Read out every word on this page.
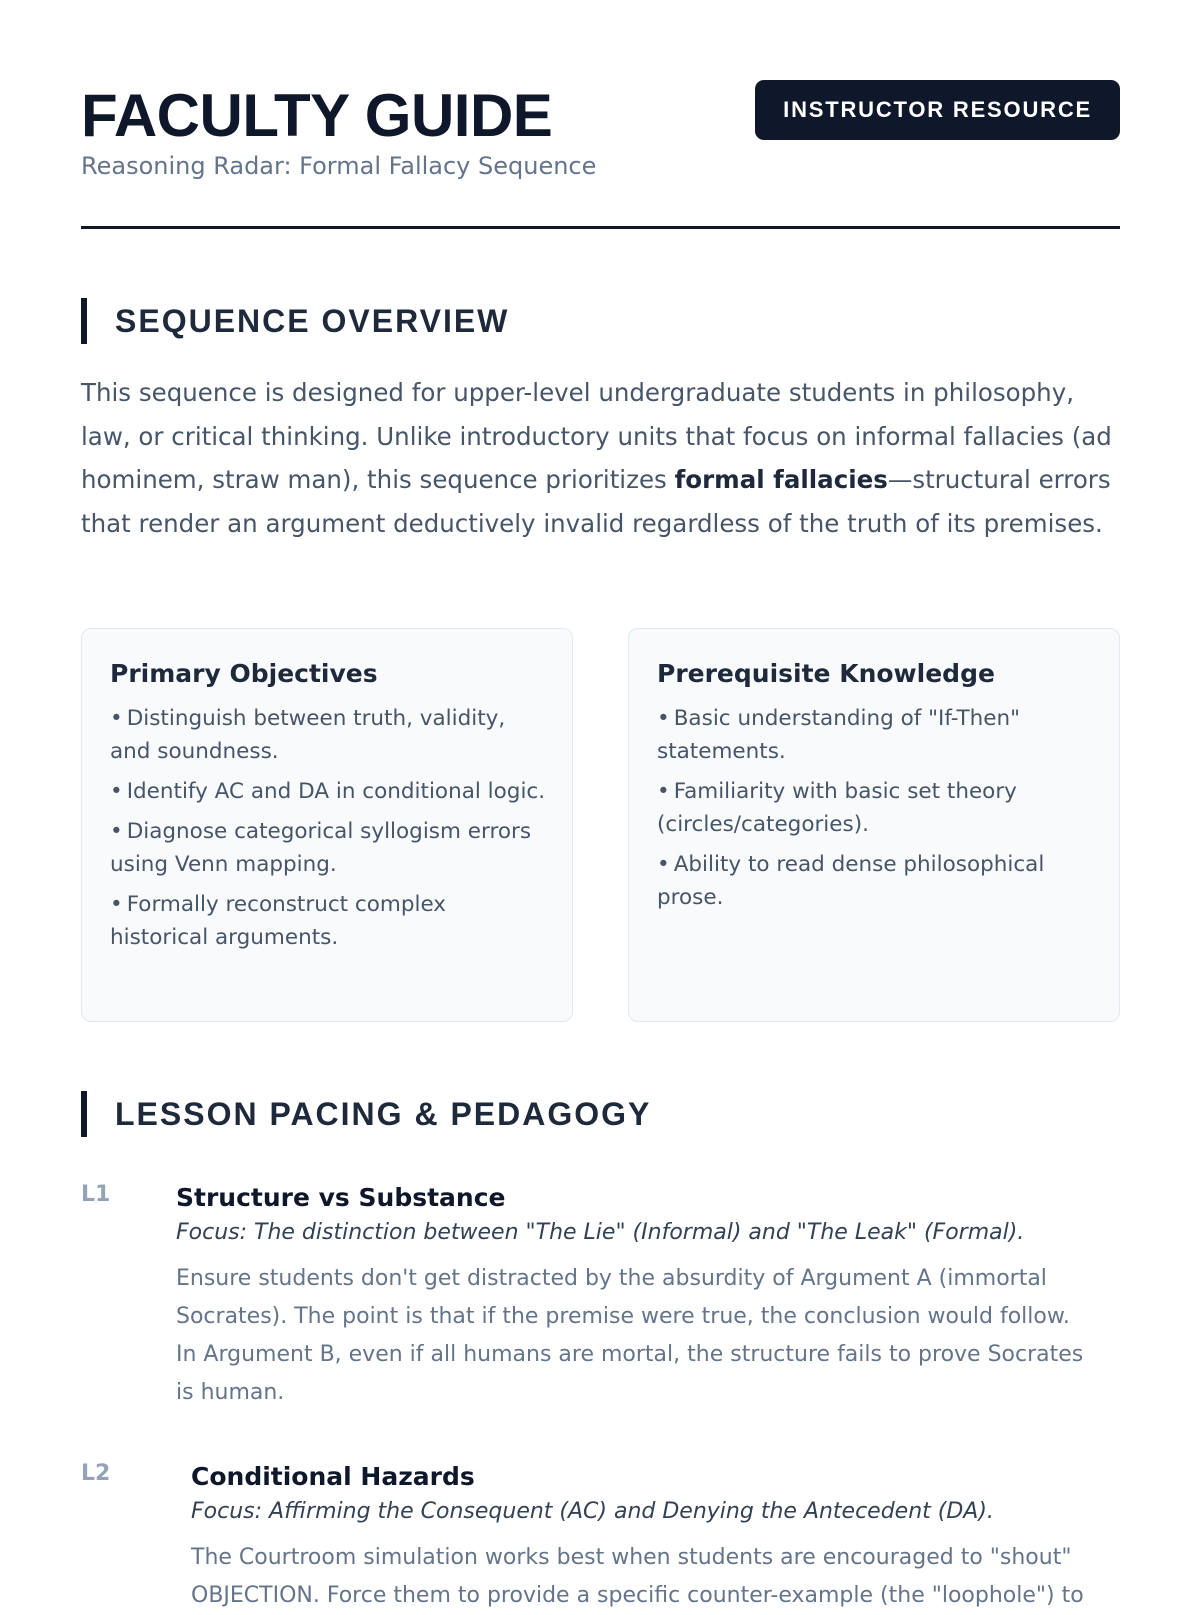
FACULTY GUIDE
Reasoning Radar: Formal Fallacy Sequence
INSTRUCTOR RESOURCE
SEQUENCE OVERVIEW

This sequence is designed for upper-level undergraduate students in philosophy, law, or critical thinking. Unlike introductory units that focus on informal fallacies (ad hominem, straw man), this sequence prioritizes formal fallacies—structural errors that render an argument deductively invalid regardless of the truth of its premises.

Primary Objectives
• Distinguish between truth, validity, and soundness.
• Identify AC and DA in conditional logic.
• Diagnose categorical syllogism errors using Venn mapping.
• Formally reconstruct complex historical arguments.
Prerequisite Knowledge
• Basic understanding of "If-Then" statements.
• Familiarity with basic set theory (circles/categories).
• Ability to read dense philosophical prose.
LESSON PACING & PEDAGOGY
L1	Structure vs Substance
Focus: The distinction between "The Lie" (Informal) and "The Leak" (Formal).
Ensure students don't get distracted by the absurdity of Argument A (immortal Socrates). The point is that if the premise were true, the conclusion would follow. In Argument B, even if all humans are mortal, the structure fails to prove Socrates is human.
L2	Conditional Hazards
Focus: Affirming the Consequent (AC) and Denying the Antecedent (DA).
The Courtroom simulation works best when students are encouraged to "shout" OBJECTION. Force them to provide a specific counter-example (the "loophole") to
